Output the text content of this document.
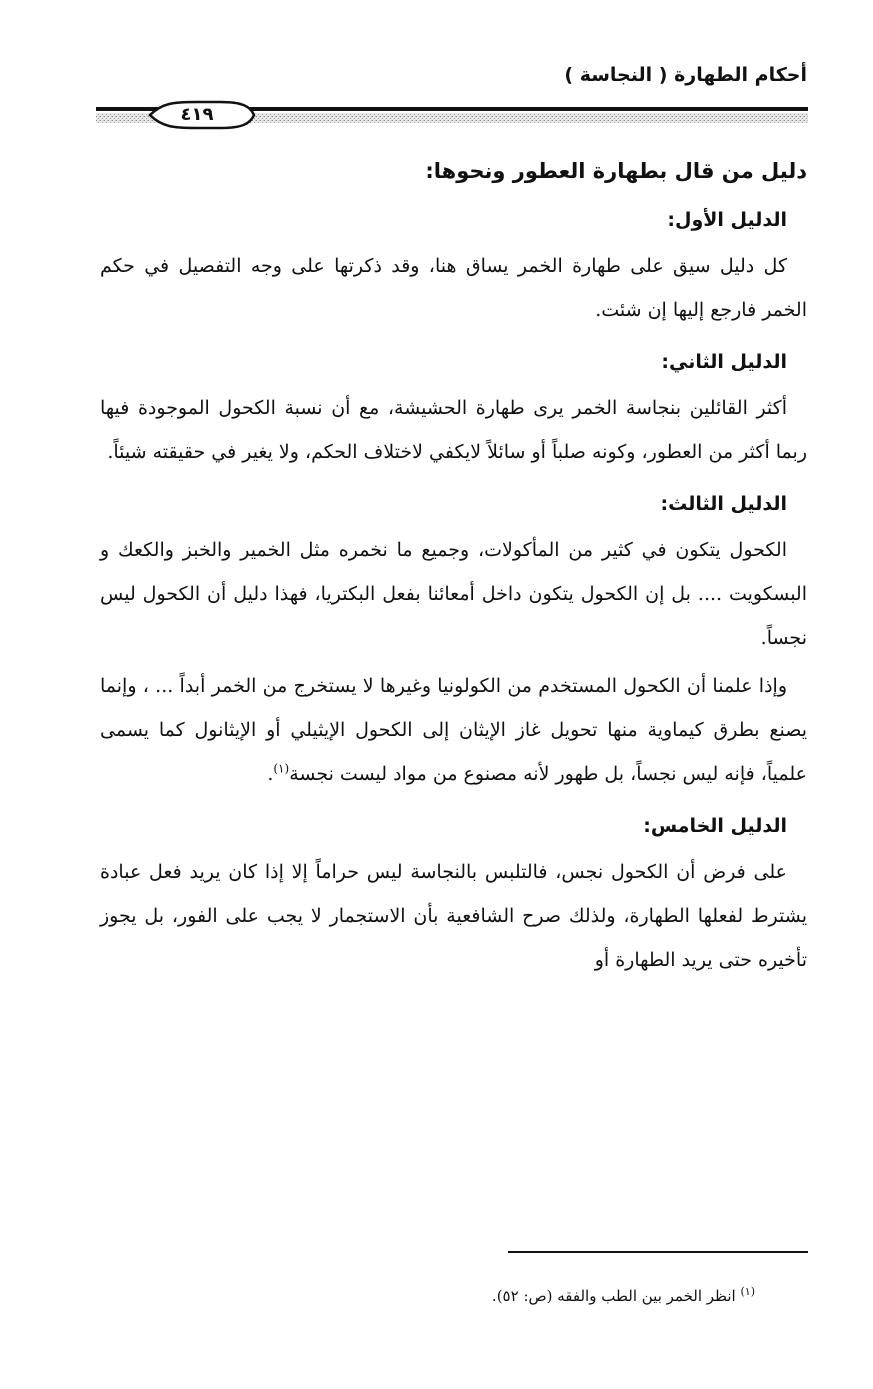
أحكام الطهارة ( النجاسة )
٤١٩
دليل من قال بطهارة العطور ونحوها:
الدليل الأول:

كل دليل سيق على طهارة الخمر يساق هنا، وقد ذكرتها على وجه التفصيل في حكم الخمر فارجع إليها إن شئت.

الدليل الثاني:

أكثر القائلين بنجاسة الخمر يرى طهارة الحشيشة، مع أن نسبة الكحول الموجودة فيها ربما أكثر من العطور، وكونه صلباً أو سائلاً لايكفي لاختلاف الحكم، ولا يغير في حقيقته شيئاً.

الدليل الثالث:

الكحول يتكون في كثير من المأكولات، وجميع ما نخمره مثل الخمير والخبز والكعك و البسكويت .... بل إن الكحول يتكون داخل أمعائنا بفعل البكتريا، فهذا دليل أن الكحول ليس نجساً.

وإذا علمنا أن الكحول المستخدم من الكولونيا وغيرها لا يستخرج من الخمر أبداً ... ، وإنما يصنع بطرق كيماوية منها تحويل غاز الإيثان إلى الكحول الإيثيلي أو الإيثانول كما يسمى علمياً، فإنه ليس نجساً، بل طهور لأنه مصنوع من مواد ليست نجسة$^{(١)}$.

الدليل الخامس:

على فرض أن الكحول نجس، فالتلبس بالنجاسة ليس حراماً إلا إذا كان يريد فعل عبادة يشترط لفعلها الطهارة، ولذلك صرح الشافعية بأن الاستجمار لا يجب على الفور، بل يجوز تأخيره حتى يريد الطهارة أو

$^{(١)}$ انظر الخمر بين الطب والفقه (ص: ٥٢).
